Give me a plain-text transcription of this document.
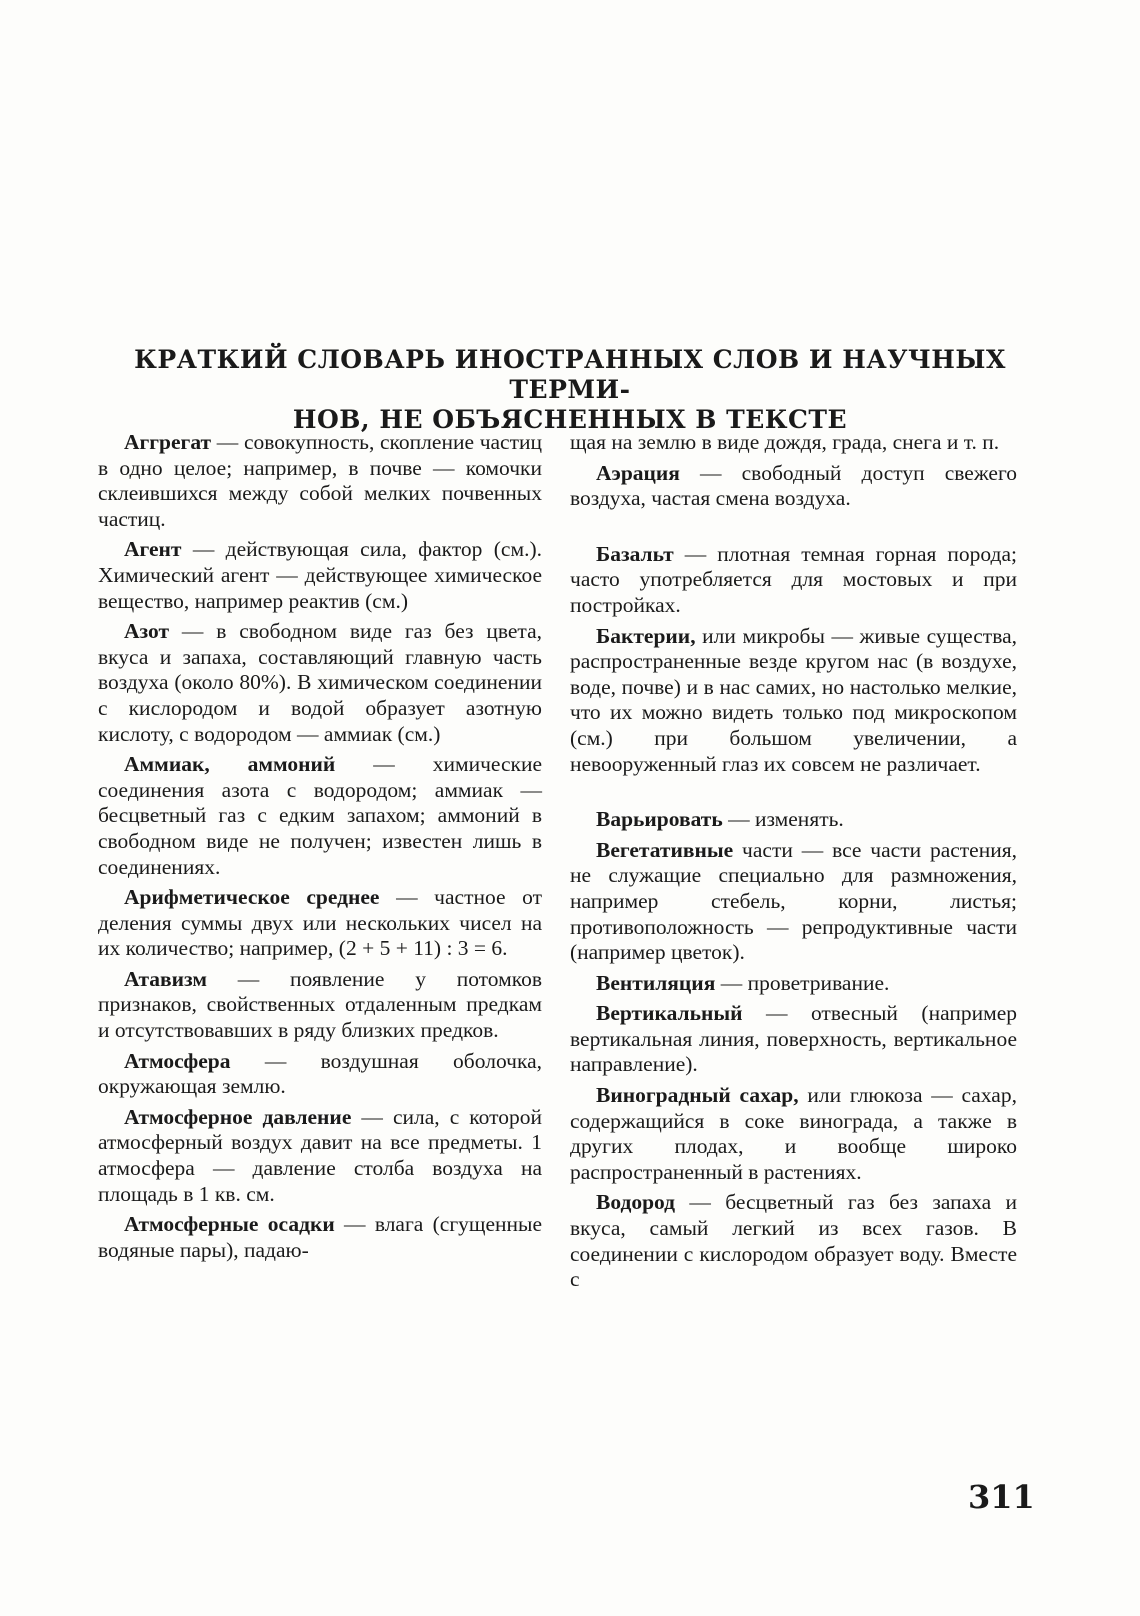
КРАТКИЙ СЛОВАРЬ ИНОСТРАННЫХ СЛОВ И НАУЧНЫХ ТЕРМИ-
НОВ, НЕ ОБЪЯСНЕННЫХ В ТЕКСТЕ

Аггрегат — совокупность, скопление частиц в одно целое; например, в почве — комочки склеившихся между собой мелких почвенных частиц.

Агент — действующая сила, фактор (см.). Химический агент — действующее химическое вещество, например реактив (см.)

Азот — в свободном виде газ без цвета, вкуса и запаха, составляющий главную часть воздуха (около 80%). В химическом соединении с кислородом и водой образует азотную кислоту, с водородом — аммиак (см.)

Аммиак, аммоний — химические соединения азота с водородом; аммиак — бесцветный газ с едким запахом; аммоний в свободном виде не получен; известен лишь в соединениях.

Арифметическое среднее — частное от деления суммы двух или нескольких чисел на их количество; например, (2 + 5 + 11) : 3 = 6.

Атавизм — появление у потомков признаков, свойственных отдаленным предкам и отсутствовавших в ряду близких предков.

Атмосфера — воздушная оболочка, окружающая землю.

Атмосферное давление — сила, с которой атмосферный воздух давит на все предметы. 1 атмосфера — давление столба воздуха на площадь в 1 кв. см.

Атмосферные осадки — влага (сгущенные водяные пары), падаю-

щая на землю в виде дождя, града, снега и т. п.

Аэрация — свободный доступ свежего воздуха, частая смена воздуха.

Базальт — плотная темная горная порода; часто употребляется для мостовых и при постройках.

Бактерии, или микробы — живые существа, распространенные везде кругом нас (в воздухе, воде, почве) и в нас самих, но настолько мелкие, что их можно видеть только под микроскопом (см.) при большом увеличении, а невооруженный глаз их совсем не различает.

Варьировать — изменять.

Вегетативные части — все части растения, не служащие специально для размножения, например стебель, корни, листья; противоположность — репродуктивные части (например цветок).

Вентиляция — проветривание.

Вертикальный — отвесный (например вертикальная линия, поверхность, вертикальное направление).

Виноградный сахар, или глюкоза — сахар, содержащийся в соке винограда, а также в других плодах, и вообще широко распространенный в растениях.

Водород — бесцветный газ без запаха и вкуса, самый легкий из всех газов. В соединении с кислородом образует воду. Вместе с

311
